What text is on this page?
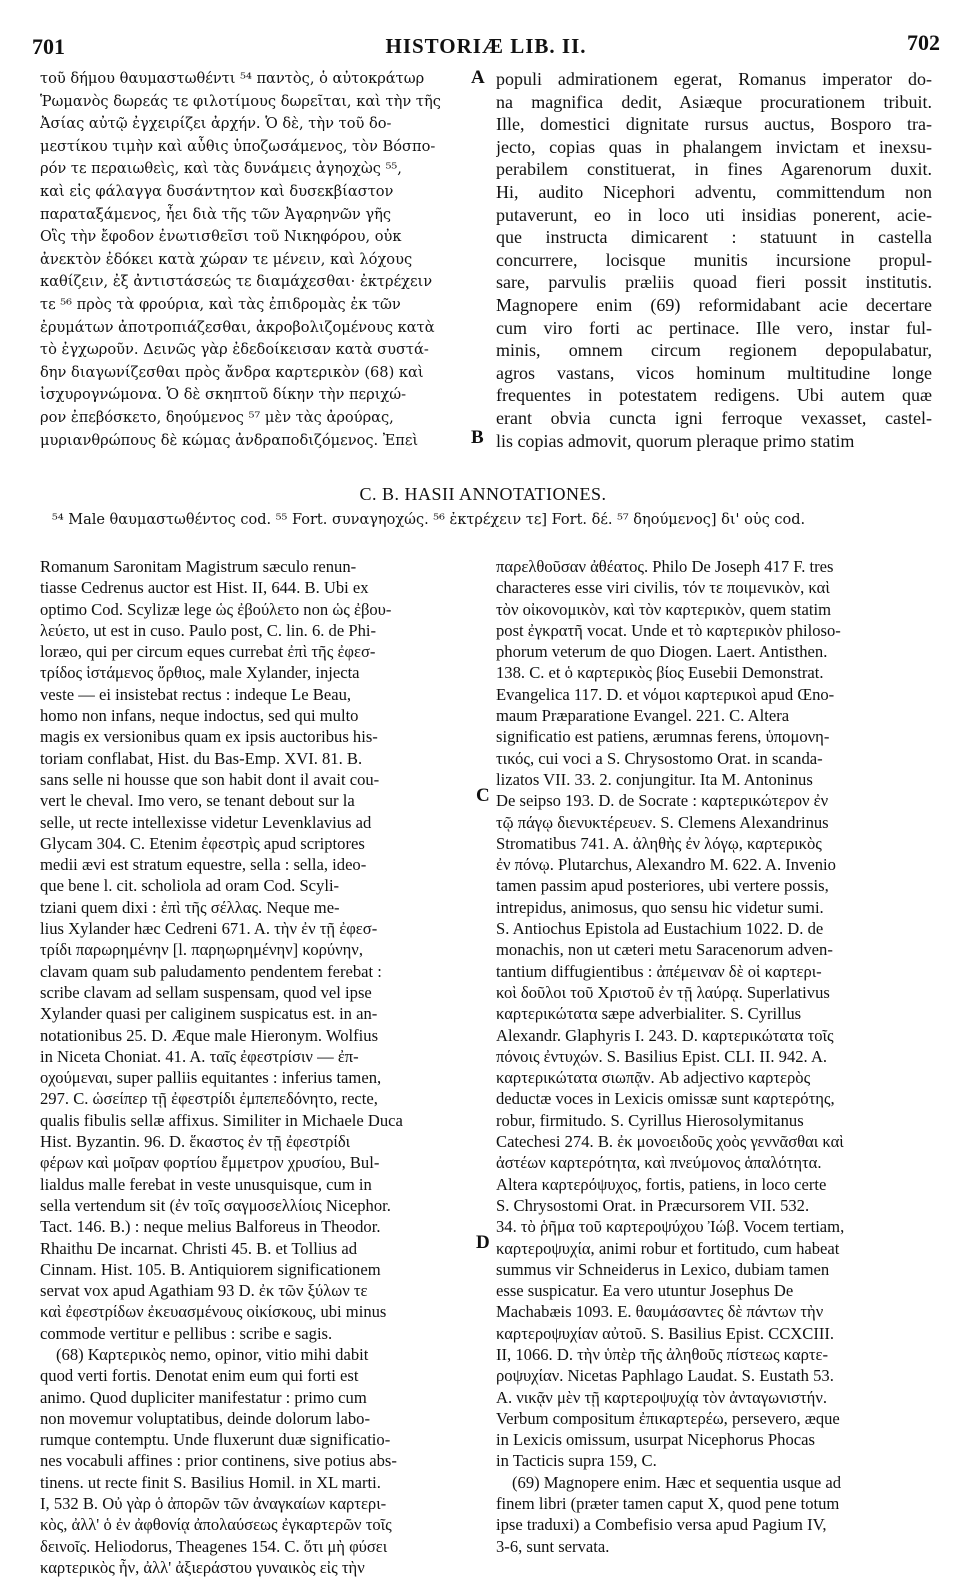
701	HISTORIÆ LIB. II.	702
τοῦ δήμου θαυμαστωθέντι ⁵⁴ παντὸς, ὁ αὐτοκράτωρ
Ῥωμανὸς δωρεάς τε φιλοτίμους δωρεῖται, καὶ τὴν τῆς
Ἀσίας αὐτῷ ἐγχειρίζει ἀρχήν. Ὁ δὲ, τὴν τοῦ δο-
μεστίκου τιμὴν καὶ αὖθις ὑποζωσάμενος, τὸν Βόσπο-
ρόν τε περαιωθεὶς, καὶ τὰς δυνάμεις ἀγηοχὼς ⁵⁵,
καὶ εἰς φάλαγγα δυσάντητον καὶ δυσεκβίαστον
παραταξάμενος, ἧει διὰ τῆς τῶν Ἀγαρηνῶν γῆς
Οἳς τὴν ἔφοδον ἐνωτισθεῖσι τοῦ Νικηφόρου, οὐκ
ἀνεκτὸν ἐδόκει κατὰ χώραν τε μένειν, καὶ λόχους
καθίζειν, ἐξ ἀντιστάσεώς τε διαμάχεσθαι· ἐκτρέχειν
τε ⁵⁶ πρὸς τὰ φρούρια, καὶ τὰς ἐπιδρομὰς ἐκ τῶν
ἐρυμάτων ἀποτροπιάζεσθαι, ἀκροβολιζομένους κατὰ
τὸ ἐγχωροῦν. Δεινῶς γὰρ ἐδεδοίκεισαν κατὰ συστά-
δην διαγωνίζεσθαι πρὸς ἄνδρα καρτερικὸν (68) καὶ
ἰσχυρογνώμονα. Ὁ δὲ σκηπτοῦ δίκην τὴν περιχώ-
ρον ἐπεβόσκετο, δηούμενος ⁵⁷ μὲν τὰς ἀρούρας,
μυριανθρώπους δὲ κώμας ἀνδραποδιζόμενος. Ἐπεὶ
populi admirationem egerat, Romanus imperator do-
na magnifica dedit, Asiæque procurationem tribuit.
Ille, domestici dignitate rursus auctus, Bosporo tra-
jecto, copias quas in phalangem invictam et inexsu-
perabilem constituerat, in fines Agarenorum duxit.
Hi, audito Nicephori adventu, committendum non
putaverunt, eo in loco uti insidias ponerent, acie-
que instructa dimicarent : statuunt in castella
concurrere, locisque munitis incursione propul-
sare, parvulis præliis quoad fieri possit institutis.
Magnopere enim (69) reformidabant acie decertare
cum viro forti ac pertinace. Ille vero, instar ful-
minis, omnem circum regionem depopulabatur,
agros vastans, vicos hominum multitudine longe
frequentes in potestatem redigens. Ubi autem quæ
erant obvia cuncta igni ferroque vexasset, castel-
lis copias admovit, quorum pleraque primo statim
A
B
C. B. HASII ANNOTATIONES.
⁵⁴ Male θαυμαστωθέντος cod. ⁵⁵ Fort. συναγηοχώς. ⁵⁶ ἐκτρέχειν τε] Fort. δέ. ⁵⁷ δηούμενος] δι' οὗς cod.
Romanum Saronitam Magistrum sæculo renun-
tiasse Cedrenus auctor est Hist. II, 644. B. Ubi ex
optimo Cod. Scylizæ lege ὡς ἐβούλετο non ὡς ἐβου-
λεύετο, ut est in cuso. Paulo post, C. lin. 6. de Phi-
loræo, qui per circum eques currebat ἐπὶ τῆς ἐφεσ-
τρίδος ἱστάμενος ὄρθιος, male Xylander, injecta
veste — ei insistebat rectus : indeque Le Beau,
homo non infans, neque indoctus, sed qui multo
magis ex versionibus quam ex ipsis auctoribus his-
toriam conflabat, Hist. du Bas-Emp. XVI. 81. B.
sans selle ni housse que son habit dont il avait cou-
vert le cheval. Imo vero, se tenant debout sur la
selle, ut recte intellexisse videtur Levenklavius ad
Glycam 304. C. Etenim ἐφεστρὶς apud scriptores
medii ævi est stratum equestre, sella : sella, ideo-
que bene l. cit. scholiola ad oram Cod. Scyli-
tziani quem dixi : ἐπὶ τῆς σέλλας. Neque me-
lius Xylander hæc Cedreni 671. A. τὴν ἐν τῇ ἐφεσ-
τρίδι παρωρημένην [l. παρηωρημένην] κορύνην,
clavam quam sub paludamento pendentem ferebat :
scribe clavam ad sellam suspensam, quod vel ipse
Xylander quasi per caliginem suspicatus est. in an-
notationibus 25. D. Æque male Hieronym. Wolfius
in Niceta Choniat. 41. A. ταῖς ἐφεστρίσιν — ἐπ-
οχούμεναι, super palliis equitantes : inferius tamen,
297. C. ὡσείπερ τῇ ἐφεστρίδι ἐμπεπεδόνητο, recte,
qualis fibulis sellæ affixus. Similiter in Michaele Duca
Hist. Byzantin. 96. D. ἕκαστος ἐν τῇ ἐφεστρίδι
φέρων καὶ μοῖραν φορτίου ἔμμετρον χρυσίου, Bul-
lialdus malle ferebat in veste unusquisque, cum in
sella vertendum sit (ἐν τοῖς σαγμοσελλίοις Nicephor.
Tact. 146. B.) : neque melius Balforeus in Theodor.
Rhaithu De incarnat. Christi 45. B. et Tollius ad
Cinnam. Hist. 105. B. Antiquiorem significationem
servat vox apud Agathiam 93 D. ἐκ τῶν ξύλων τε
καὶ ἐφεστρίδων ἐκευασμένους οἰκίσκους, ubi minus
commode vertitur e pellibus : scribe e sagis.
(68) Καρτερικὸς nemo, opinor, vitio mihi dabit
quod verti fortis. Denotat enim eum qui forti est
animo. Quod dupliciter manifestatur : primo cum
non movemur voluptatibus, deinde dolorum labo-
rumque contemptu. Unde fluxerunt duæ significatio-
nes vocabuli affines : prior continens, sive potius abs-
tinens. ut recte finit S. Basilius Homil. in XL marti.
I, 532 B. Οὐ γὰρ ὁ ἀπορῶν τῶν ἀναγκαίων καρτερι-
κὸς, ἀλλ' ὁ ἐν ἀφθονίᾳ ἀπολαύσεως ἐγκαρτερῶν τοῖς
δεινοῖς. Heliodorus, Theagenes 154. C. ὅτι μὴ φύσει
καρτερικὸς ἦν, ἀλλ' ἀξιεράστου γυναικὸς εἰς τὴν
παρελθοῦσαν ἀθέατος. Philo De Joseph 417 F. tres
characteres esse viri civilis, τόν τε ποιμενικὸν, καὶ
τὸν οἰκονομικὸν, καὶ τὸν καρτερικὸν, quem statim
post ἐγκρατῆ vocat. Unde et τὸ καρτερικὸν philoso-
phorum veterum de quo Diogen. Laert. Antisthen.
138. C. et ὁ καρτερικὸς βίος Eusebii Demonstrat.
Evangelica 117. D. et νόμοι καρτερικοὶ apud Œno-
maum Præparatione Evangel. 221. C. Altera
significatio est patiens, ærumnas ferens, ὑπομονη-
τικός, cui voci a S. Chrysostomo Orat. in scanda-
lizatos VII. 33. 2. conjungitur. Ita M. Antoninus
De seipso 193. D. de Socrate : καρτερικώτερον ἐν
τῷ πάγῳ διενυκτέρευεν. S. Clemens Alexandrinus
Stromatibus 741. A. ἀληθὴς ἐν λόγῳ, καρτερικὸς
ἐν πόνῳ. Plutarchus, Alexandro M. 622. A. Invenio
tamen passim apud posteriores, ubi vertere possis,
intrepidus, animosus, quo sensu hic videtur sumi.
S. Antiochus Epistola ad Eustachium 1022. D. de
monachis, non ut cæteri metu Saracenorum adven-
tantium diffugientibus : ἀπέμειναν δὲ οἱ καρτερι-
κοὶ δοῦλοι τοῦ Χριστοῦ ἐν τῇ λαύρᾳ. Superlativus
καρτερικώτατα sæpe adverbialiter. S. Cyrillus
Alexandr. Glaphyris I. 243. D. καρτερικώτατα τοῖς
πόνοις ἐντυχών. S. Basilius Epist. CLI. II. 942. A.
καρτερικώτατα σιωπᾷν. Ab adjectivo καρτερὸς
deductæ voces in Lexicis omissæ sunt καρτερότης,
robur, firmitudo. S. Cyrillus Hierosolymitanus
Catechesi 274. B. ἐκ μονοειδοῦς χοὸς γεννᾶσθαι καὶ
ἀστέων καρτερότητα, καὶ πνεύμονος ἁπαλότητα.
Altera καρτερόψυχος, fortis, patiens, in loco certe
S. Chrysostomi Orat. in Præcursorem VII. 532.
34. τὸ ῥῆμα τοῦ καρτεροψύχου Ἰώβ. Vocem tertiam,
καρτεροψυχία, animi robur et fortitudo, cum habeat
summus vir Schneiderus in Lexico, dubiam tamen
esse suspicatur. Ea vero utuntur Josephus De
Machabæis 1093. E. θαυμάσαντες δὲ πάντων τὴν
καρτεροψυχίαν αὐτοῦ. S. Basilius Epist. CCXCIII.
II, 1066. D. τὴν ὑπὲρ τῆς ἀληθοῦς πίστεως καρτε-
ροψυχίαν. Nicetas Paphlago Laudat. S. Eustath 53.
A. νικᾷν μὲν τῇ καρτεροψυχίᾳ τὸν ἀνταγωνιστήν.
Verbum compositum ἐπικαρτερέω, persevero, æque
in Lexicis omissum, usurpat Nicephorus Phocas
in Tacticis supra 159, C.
(69) Magnopere enim. Hæc et sequentia usque ad
finem libri (præter tamen caput X, quod pene totum
ipse traduxi) a Combefisio versa apud Pagium IV,
3-6, sunt servata.
C
D
